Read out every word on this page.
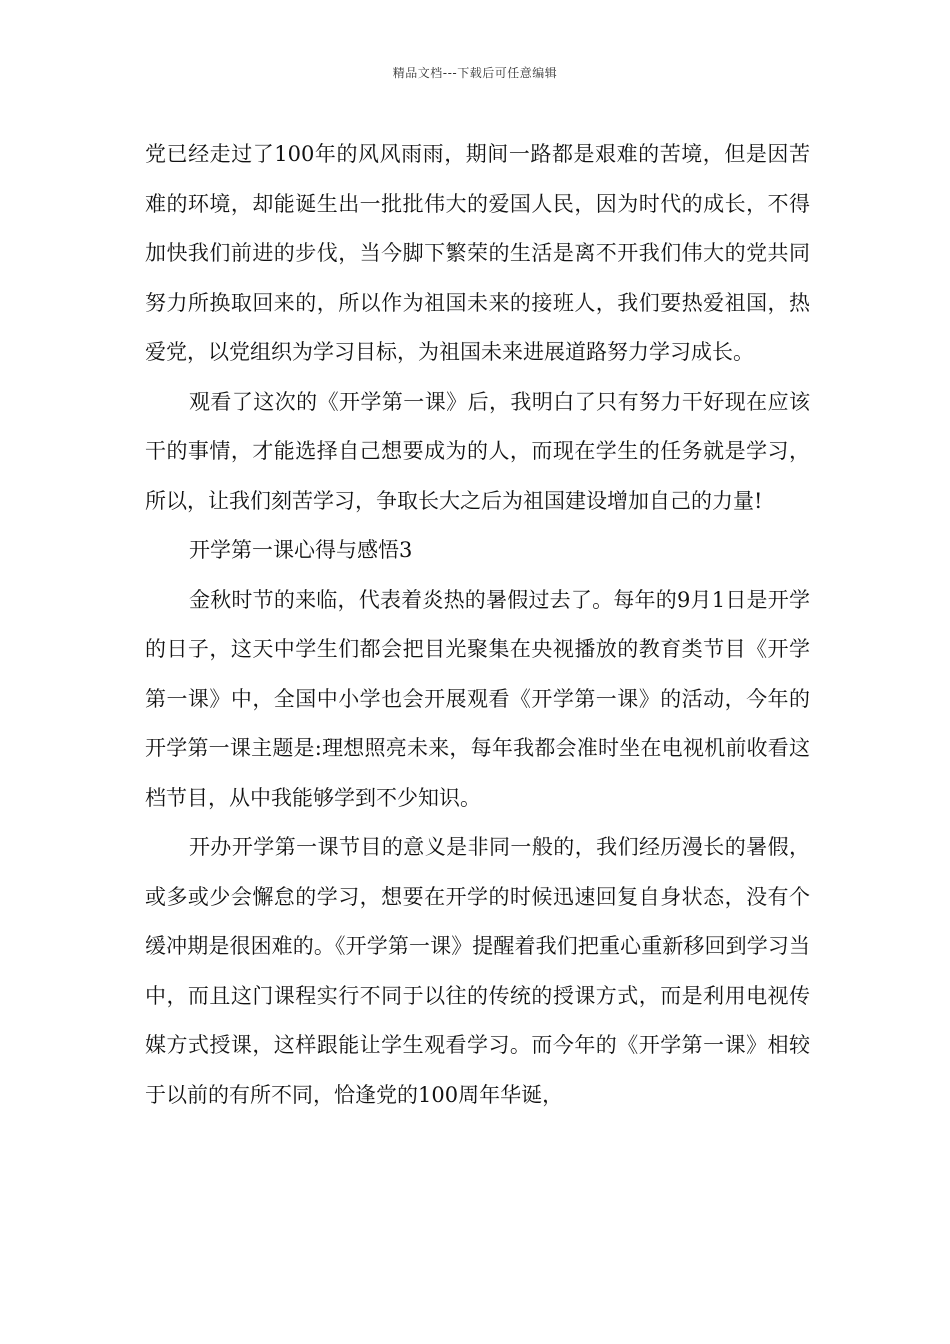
精品文档---下载后可任意编辑

党已经走过了100年的风风雨雨，期间一路都是艰难的苦境，但是因苦难的环境，却能诞生出一批批伟大的爱国人民，因为时代的成长，不得加快我们前进的步伐，当今脚下繁荣的生活是离不开我们伟大的党共同努力所换取回来的，所以作为祖国未来的接班人，我们要热爱祖国，热爱党，以党组织为学习目标，为祖国未来进展道路努力学习成长。

观看了这次的《开学第一课》后，我明白了只有努力干好现在应该干的事情，才能选择自己想要成为的人，而现在学生的任务就是学习，所以，让我们刻苦学习，争取长大之后为祖国建设增加自己的力量!

开学第一课心得与感悟3

金秋时节的来临，代表着炎热的暑假过去了。每年的9月1日是开学的日子，这天中学生们都会把目光聚集在央视播放的教育类节目《开学第一课》中，全国中小学也会开展观看《开学第一课》的活动，今年的开学第一课主题是:理想照亮未来，每年我都会准时坐在电视机前收看这档节目，从中我能够学到不少知识。

开办开学第一课节目的意义是非同一般的，我们经历漫长的暑假，或多或少会懈怠的学习，想要在开学的时候迅速回复自身状态，没有个缓冲期是很困难的。《开学第一课》提醒着我们把重心重新移回到学习当中，而且这门课程实行不同于以往的传统的授课方式，而是利用电视传媒方式授课，这样跟能让学生观看学习。而今年的《开学第一课》相较于以前的有所不同，恰逢党的100周年华诞，
